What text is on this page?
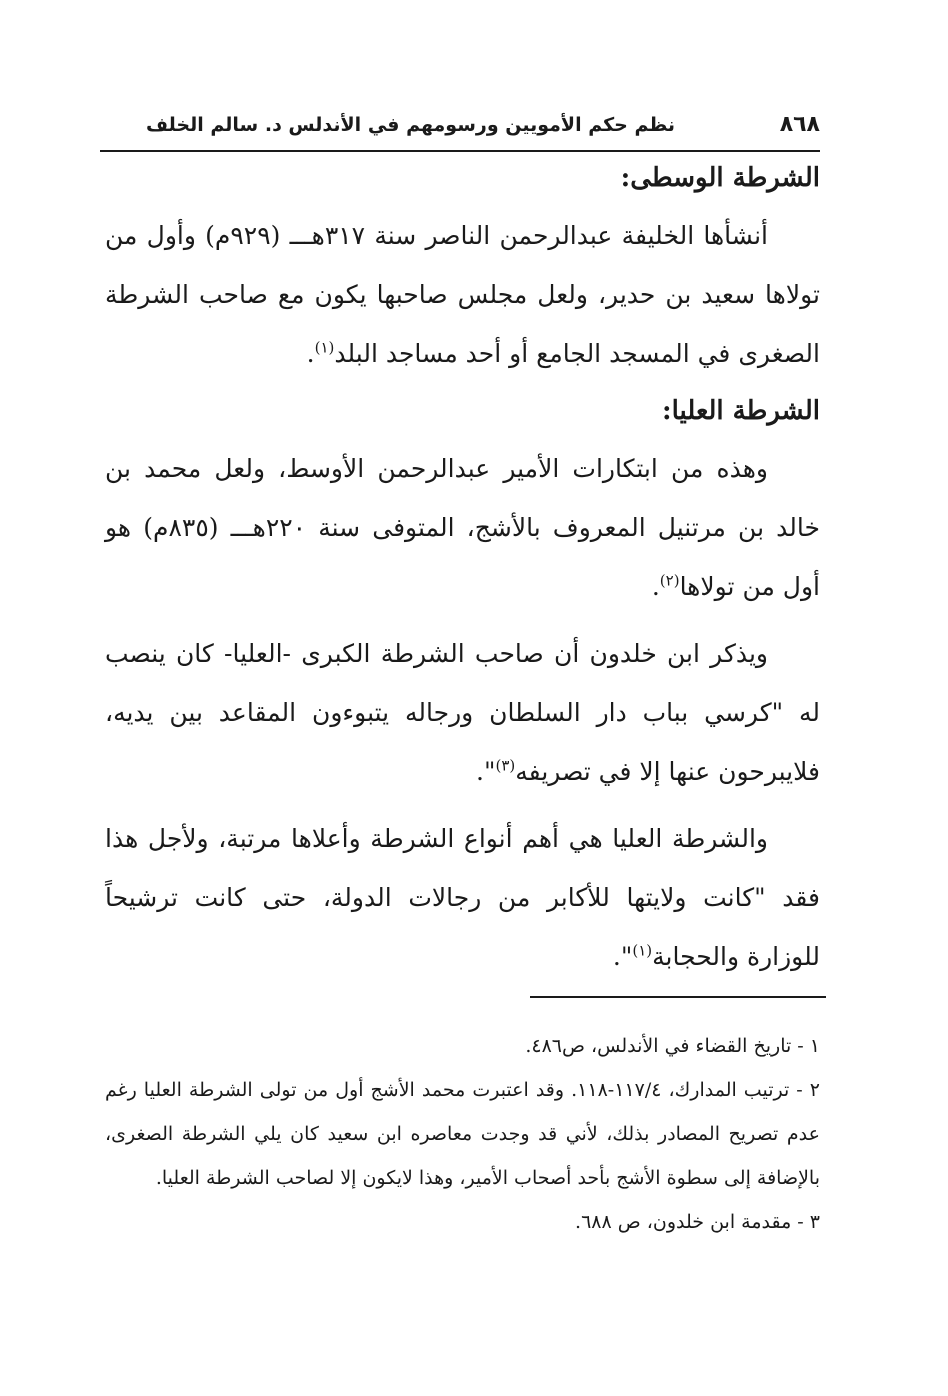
٨٦٨
نظم حكم الأمويين ورسومهم في الأندلس د. سالم الخلف

الشرطة الوسطى:

أنشأها الخليفة عبدالرحمن الناصر سنة ٣١٧هـــ (٩٢٩م) وأول من تولاها سعيد بن حدير، ولعل مجلس صاحبها يكون مع صاحب الشرطة الصغرى في المسجد الجامع أو أحد مساجد البلد$^{(١)}$.

الشرطة العليا:

وهذه من ابتكارات الأمير عبدالرحمن الأوسط، ولعل محمد بن خالد بن مرتنيل المعروف بالأشج، المتوفى سنة ٢٢٠هـــ (٨٣٥م) هو أول من تولاها$^{(٢)}$.

ويذكر ابن خلدون أن صاحب الشرطة الكبرى -العليا- كان ينصب له "كرسي بباب دار السلطان ورجاله يتبوءون المقاعد بين يديه، فلايبرحون عنها إلا في تصريفه$^{(٣)}$".

والشرطة العليا هي أهم أنواع الشرطة وأعلاها مرتبة، ولأجل هذا فقد "كانت ولايتها للأكابر من رجالات الدولة، حتى كانت ترشيحاً للوزارة والحجابة$^{(١)}$".

١ - تاريخ القضاء في الأندلس، ص٤٨٦.

٢ - ترتيب المدارك، ١١٧/٤-١١٨. وقد اعتبرت محمد الأشج أول من تولى الشرطة العليا رغم عدم تصريح المصادر بذلك، لأني قد وجدت معاصره ابن سعيد كان يلي الشرطة الصغرى، بالإضافة إلى سطوة الأشج بأحد أصحاب الأمير، وهذا لايكون إلا لصاحب الشرطة العليا.

٣ - مقدمة ابن خلدون، ص ٦٨٨.
